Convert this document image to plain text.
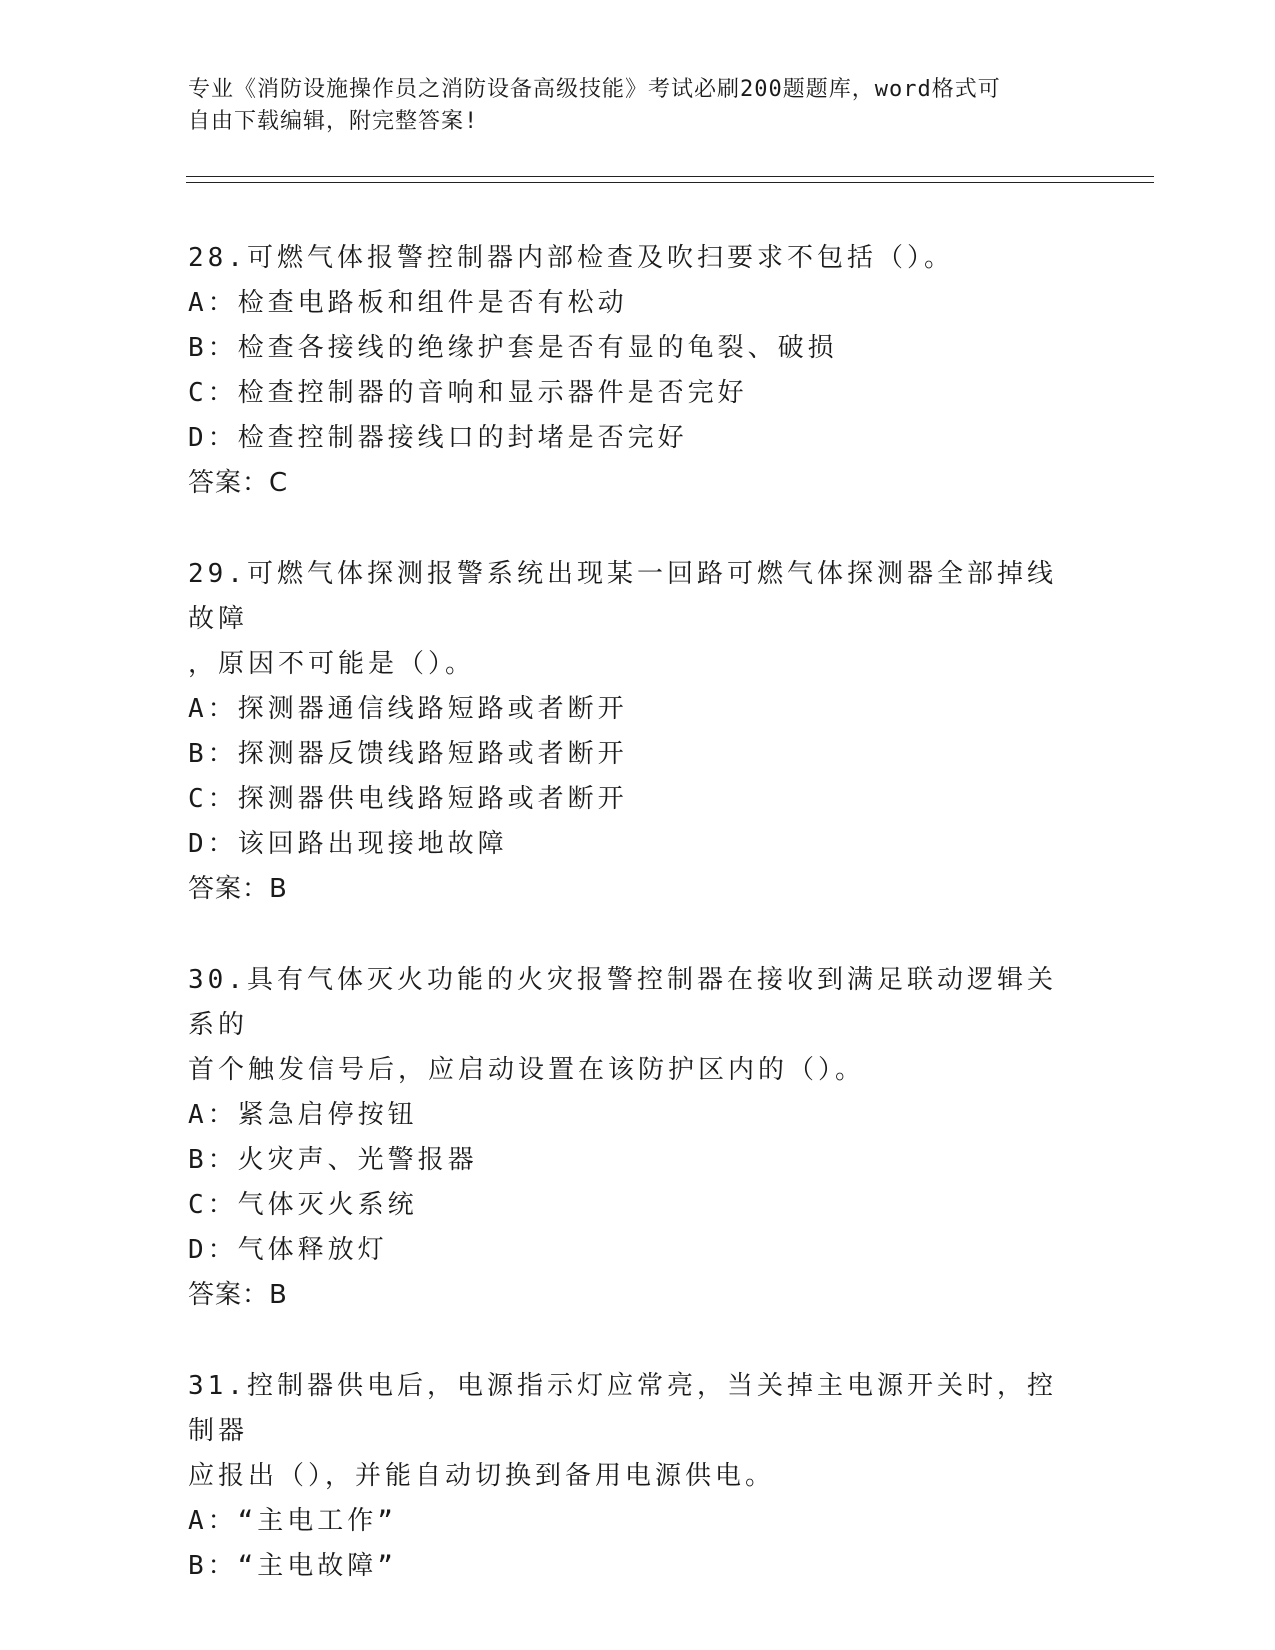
专业《消防设施操作员之消防设备高级技能》考试必刷200题题库，word格式可
自由下载编辑，附完整答案!
28.可燃气体报警控制器内部检查及吹扫要求不包括（）。
A：检查电路板和组件是否有松动
B：检查各接线的绝缘护套是否有显的龟裂、破损
C：检查控制器的音响和显示器件是否完好
D：检查控制器接线口的封堵是否完好
答案：C
29.可燃气体探测报警系统出现某一回路可燃气体探测器全部掉线故障
，原因不可能是（）。
A：探测器通信线路短路或者断开
B：探测器反馈线路短路或者断开
C：探测器供电线路短路或者断开
D：该回路出现接地故障
答案：B
30.具有气体灭火功能的火灾报警控制器在接收到满足联动逻辑关系的
首个触发信号后，应启动设置在该防护区内的（）。
A：紧急启停按钮
B：火灾声、光警报器
C：气体灭火系统
D：气体释放灯
答案：B
31.控制器供电后，电源指示灯应常亮，当关掉主电源开关时，控制器
应报出（），并能自动切换到备用电源供电。
A：“主电工作”
B：“主电故障”
